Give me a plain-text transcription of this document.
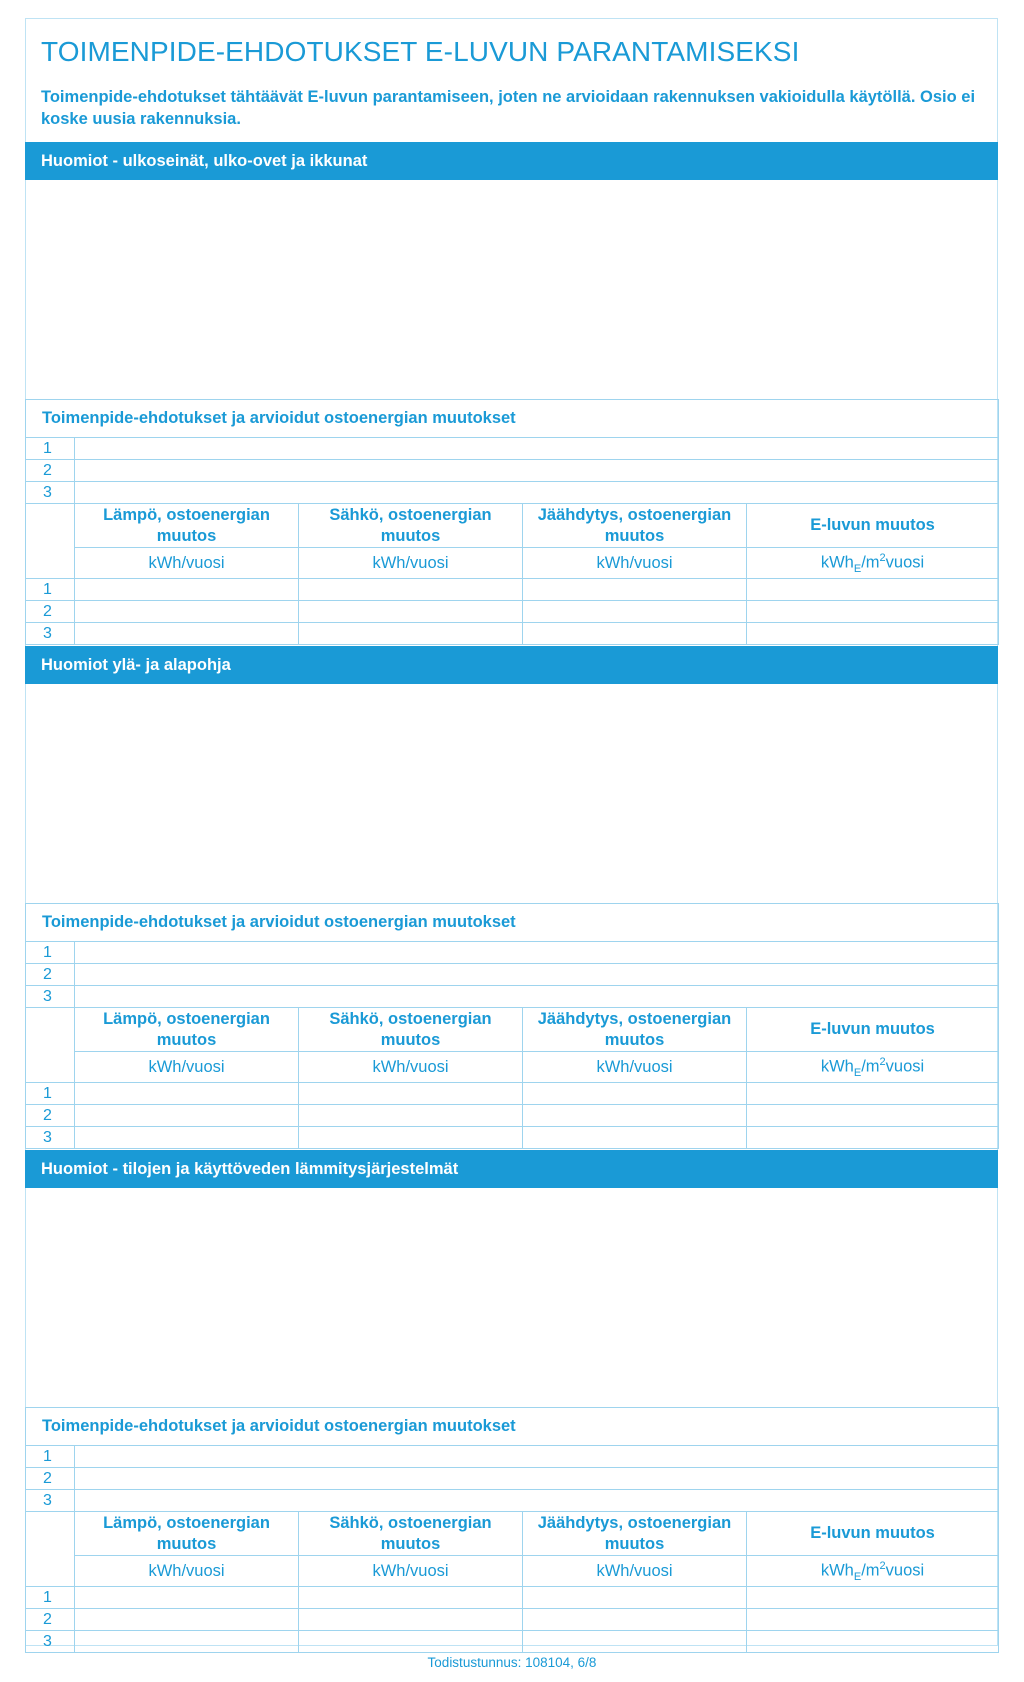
TOIMENPIDE-EHDOTUKSET E-LUVUN PARANTAMISEKSI

Toimenpide-ehdotukset tähtäävät E-luvun parantamiseen, joten ne arvioidaan rakennuksen vakioidulla käytöllä. Osio ei koske uusia rakennuksia.

Huomiot - ulkoseinät, ulko-ovet ja ikkunat
Toimenpide-ehdotukset ja arvioidut ostoenergian muutokset				
1				
2				
3				
	Lämpö, ostoenergian muutos	Sähkö, ostoenergian muutos	Jäähdytys, ostoenergian muutos	E-luvun muutos
	kWh/vuosi	kWh/vuosi	kWh/vuosi	$kWh_E/m^2vuosi$
1				
2				
3				
Huomiot ylä- ja alapohja
Toimenpide-ehdotukset ja arvioidut ostoenergian muutokset				
1				
2				
3				
	Lämpö, ostoenergian muutos	Sähkö, ostoenergian muutos	Jäähdytys, ostoenergian muutos	E-luvun muutos
	kWh/vuosi	kWh/vuosi	kWh/vuosi	$kWh_E/m^2vuosi$
1				
2				
3				
Huomiot - tilojen ja käyttöveden lämmitysjärjestelmät
Toimenpide-ehdotukset ja arvioidut ostoenergian muutokset				
1				
2				
3				
	Lämpö, ostoenergian muutos	Sähkö, ostoenergian muutos	Jäähdytys, ostoenergian muutos	E-luvun muutos
	kWh/vuosi	kWh/vuosi	kWh/vuosi	$kWh_E/m^2vuosi$
1				
2				
3				
Todistustunnus: 108104, 6/8
